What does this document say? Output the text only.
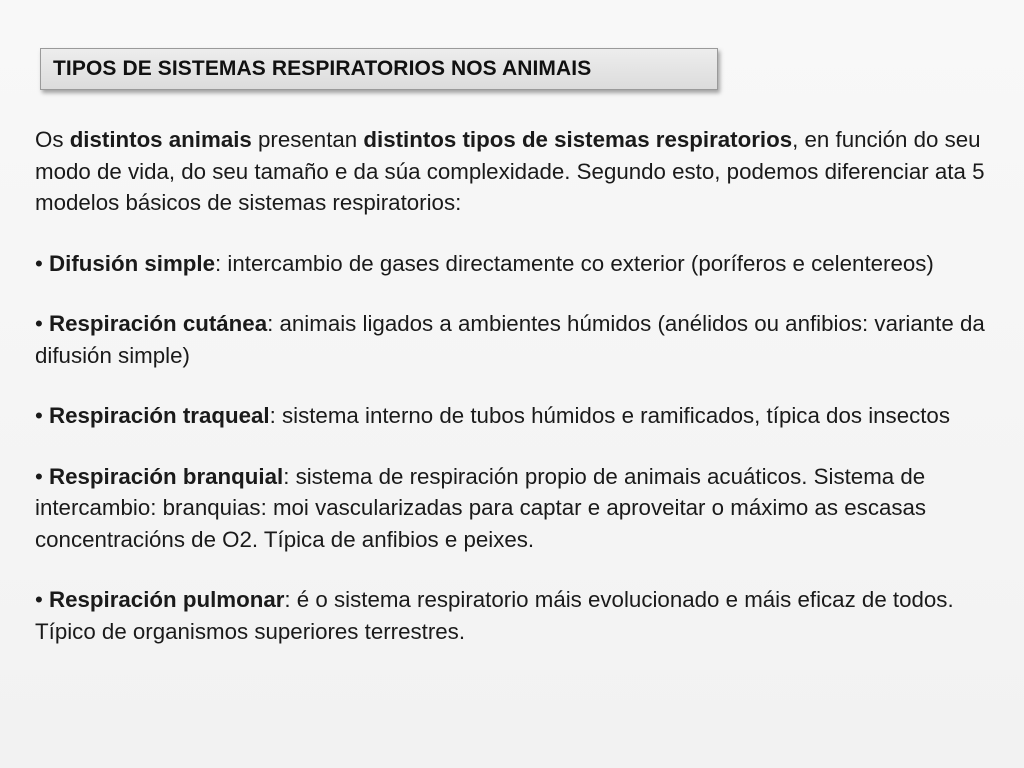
TIPOS DE SISTEMAS RESPIRATORIOS NOS ANIMAIS

Os distintos animais presentan distintos tipos de sistemas respiratorios, en función do seu modo de vida, do seu tamaño e da súa complexidade. Segundo esto, podemos diferenciar ata 5 modelos básicos de sistemas respiratorios:

• Difusión simple: intercambio de gases directamente co exterior (poríferos e celentereos)

• Respiración cutánea: animais ligados a ambientes húmidos (anélidos ou anfibios: variante da difusión simple)

• Respiración traqueal: sistema interno de tubos húmidos e ramificados, típica dos insectos

• Respiración branquial: sistema de respiración propio de animais acuáticos. Sistema de intercambio: branquias: moi vascularizadas para captar e aproveitar o máximo as escasas concentracións de O2. Típica de anfibios e peixes.

• Respiración pulmonar: é o sistema respiratorio máis evolucionado e máis eficaz de todos. Típico de organismos superiores terrestres.
